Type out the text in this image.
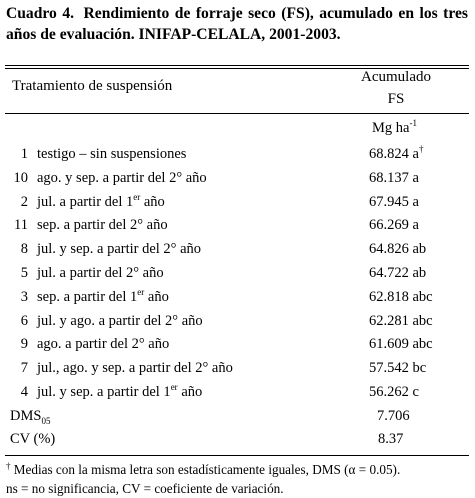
Cuadro 4. Rendimiento de forraje seco (FS), acumulado en los tres años de evaluación. INIFAP-CELALA, 2001-2003.
Tratamiento de suspensión
Acumulado
FS
Mg $ha^{-1}$
1 testigo – sin suspensiones	68.824 a†
10 ago. y sep. a partir del 2° año	68.137 a
2 jul. a partir del 1er año	67.945 a
11 sep. a partir del 2° año	66.269 a
8 jul. y sep. a partir del 2° año	64.826 ab
5 jul. a partir del 2° año	64.722 ab
3 sep. a partir del 1er año	62.818 abc
6 jul. y ago. a partir del 2° año	62.281 abc
9 ago. a partir del 2° año	61.609 abc
7 jul., ago. y sep. a partir del 2° año	57.542 bc
4 jul. y sep. a partir del 1er año	56.262 c
$DMS_{05}$	7.706
CV (%)	8.37
† Medias con la misma letra son estadísticamente iguales, DMS (α = 0.05).
ns = no significancia, CV = coeficiente de variación.
